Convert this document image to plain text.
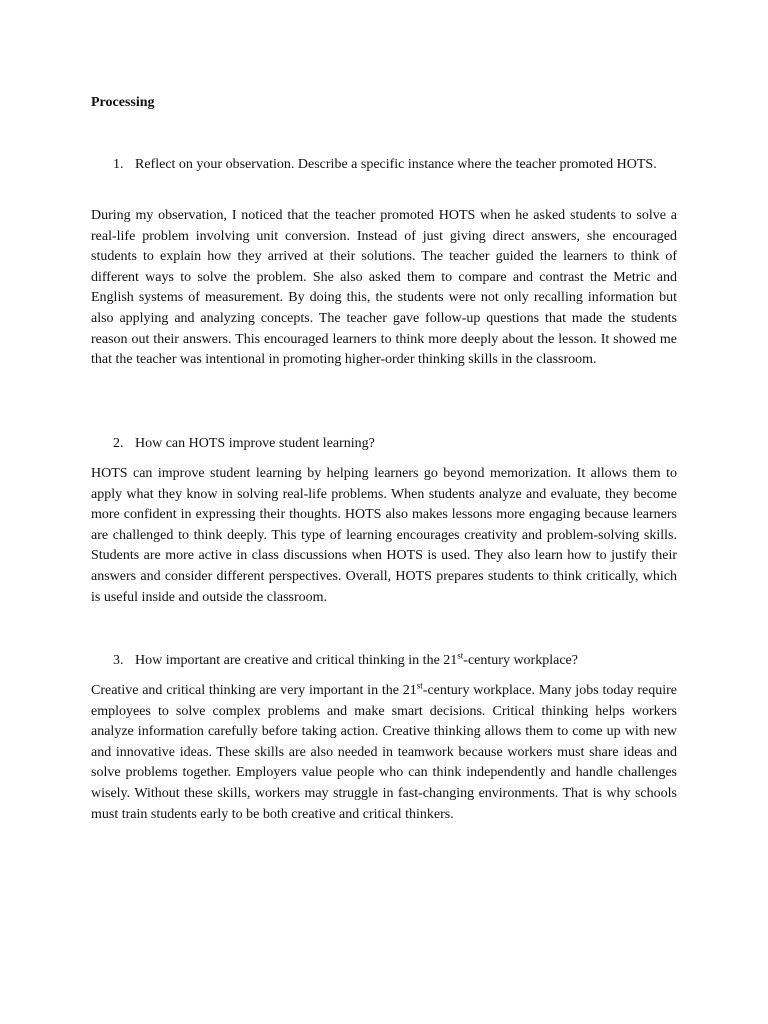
Processing
1. Reflect on your observation. Describe a specific instance where the teacher promoted HOTS.
During my observation, I noticed that the teacher promoted HOTS when he asked students to solve a real-life problem involving unit conversion. Instead of just giving direct answers, she encouraged students to explain how they arrived at their solutions. The teacher guided the learners to think of different ways to solve the problem. She also asked them to compare and contrast the Metric and English systems of measurement. By doing this, the students were not only recalling information but also applying and analyzing concepts. The teacher gave follow-up questions that made the students reason out their answers. This encouraged learners to think more deeply about the lesson. It showed me that the teacher was intentional in promoting higher-order thinking skills in the classroom.
2. How can HOTS improve student learning?
HOTS can improve student learning by helping learners go beyond memorization. It allows them to apply what they know in solving real-life problems. When students analyze and evaluate, they become more confident in expressing their thoughts. HOTS also makes lessons more engaging because learners are challenged to think deeply. This type of learning encourages creativity and problem-solving skills. Students are more active in class discussions when HOTS is used. They also learn how to justify their answers and consider different perspectives. Overall, HOTS prepares students to think critically, which is useful inside and outside the classroom.
3. How important are creative and critical thinking in the 21st-century workplace?
Creative and critical thinking are very important in the 21st-century workplace. Many jobs today require employees to solve complex problems and make smart decisions. Critical thinking helps workers analyze information carefully before taking action. Creative thinking allows them to come up with new and innovative ideas. These skills are also needed in teamwork because workers must share ideas and solve problems together. Employers value people who can think independently and handle challenges wisely. Without these skills, workers may struggle in fast-changing environments. That is why schools must train students early to be both creative and critical thinkers.
